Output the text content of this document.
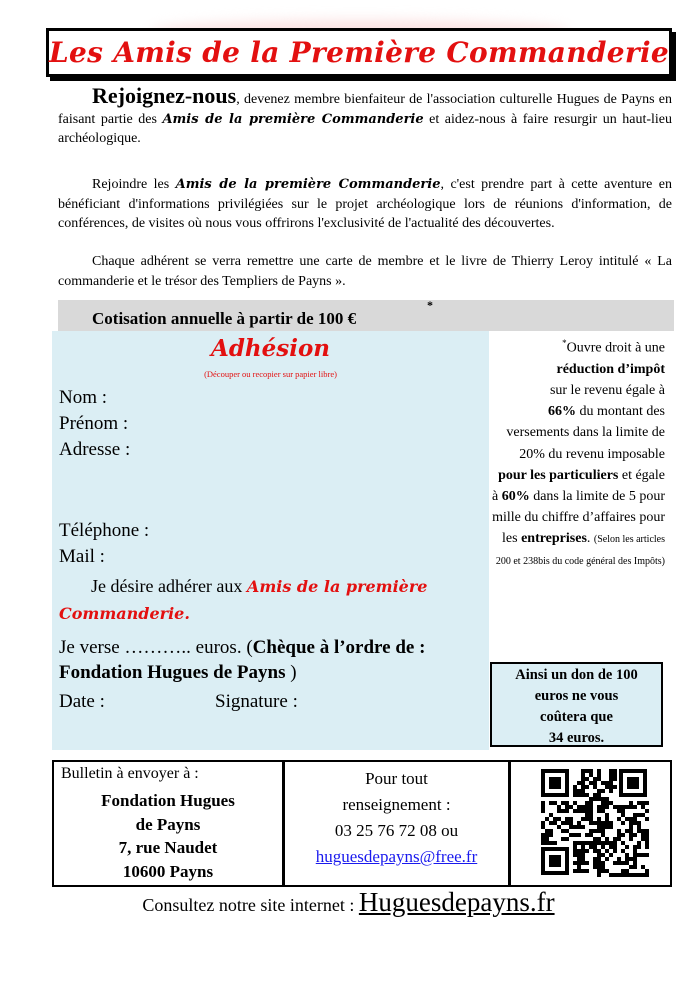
Les Amis de la Première Commanderie
Rejoignez-nous, devenez membre bienfaiteur de l'association culturelle Hugues de Payns en faisant partie des Amis de la première Commanderie et aidez-nous à faire resurgir un haut-lieu archéologique.
Rejoindre les Amis de la première Commanderie, c'est prendre part à cette aventure en bénéficiant d'informations privilégiées sur le projet archéologique lors de réunions d'information, de conférences, de visites où nous vous offrirons l'exclusivité de l'actualité des découvertes.
Chaque adhérent se verra remettre une carte de membre et le livre de Thierry Leroy intitulé « La commanderie et le trésor des Templiers de Payns ».
Cotisation annuelle à partir de 100 €
*
Adhésion
(Découper ou recopier sur papier libre)
Nom :
Prénom :
Adresse :
Téléphone :
Mail :
Je désire adhérer aux Amis de la première
Commanderie.
Je verse ……….. euros. (Chèque à l’ordre de : Fondation Hugues de Payns )
Date :	Signature :
*Ouvre droit à une
réduction d’impôt
sur le revenu égale à
66% du montant des versements dans la limite de 20% du revenu imposable pour les particuliers et égale à 60% dans la limite de 5 pour mille du chiffre d’affaires pour les entreprises. (Selon les articles 200 et 238bis du code général des Impôts)
Ainsi un don de 100
euros ne vous
coûtera que
34 euros.
Bulletin à envoyer à :
Fondation Hugues
de Payns
7, rue Naudet
10600 Payns
Pour tout
renseignement :
03 25 76 72 08 ou
huguesdepayns@free.fr
Consultez notre site internet : Huguesdepayns.fr
